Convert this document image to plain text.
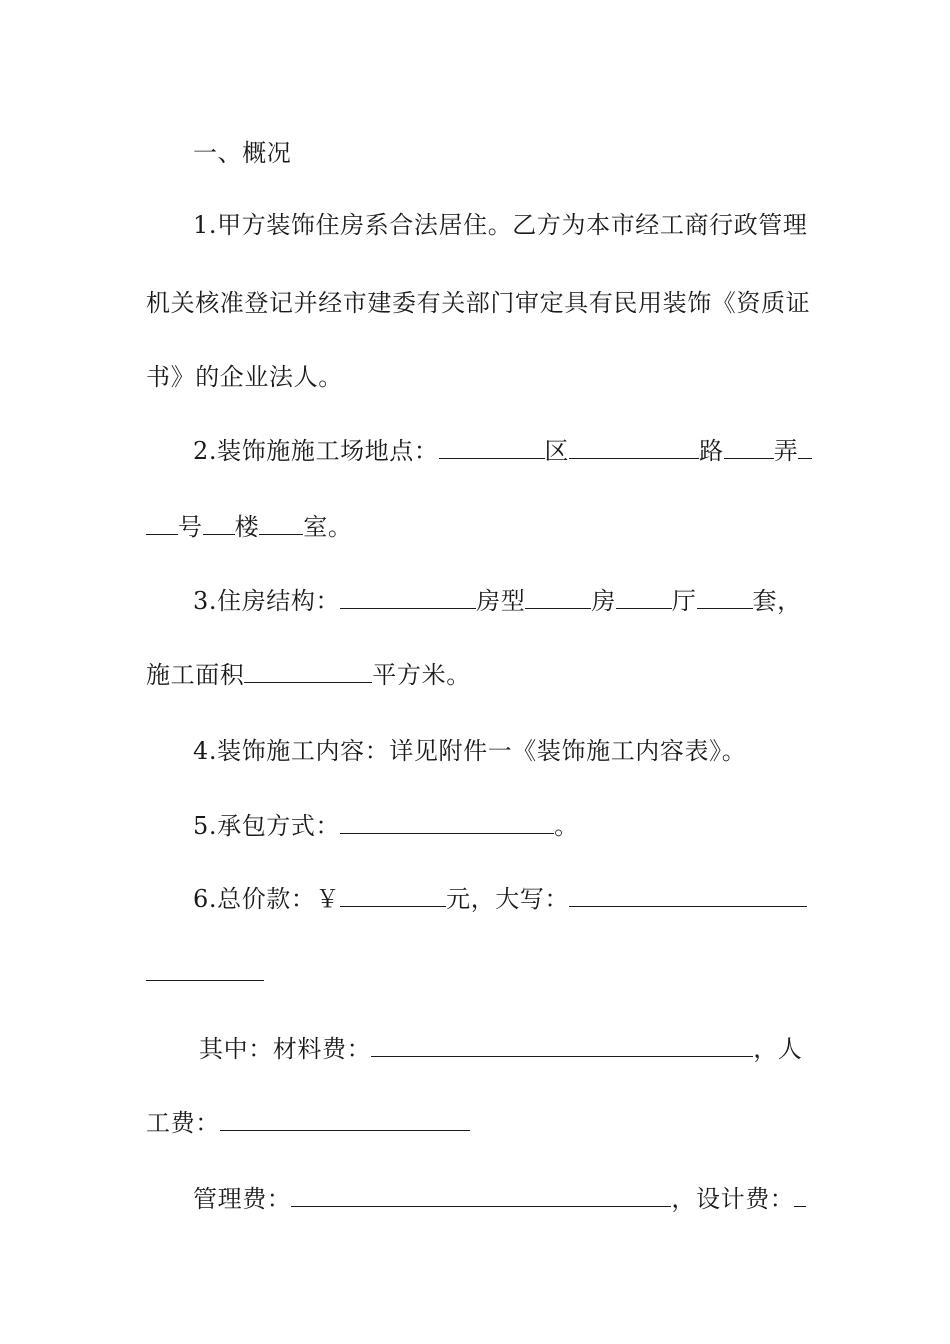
一、概况
1.甲方装饰住房系合法居住。乙方为本市经工商行政管理
机关核准登记并经市建委有关部门审定具有民用装饰《资质证
书》的企业法人。
2.装饰施施工场地点：	区	路 弄
号 楼 室。
3.住房结构：	房型	房 厅 套，
施工面积	平方米。
4.装饰施工内容：详见附件一《装饰施工内容表》。
5.承包方式：	。
6.总价款：￥	元，大写：
其中：材料费：	，人
工费：
管理费：	，设计费：
